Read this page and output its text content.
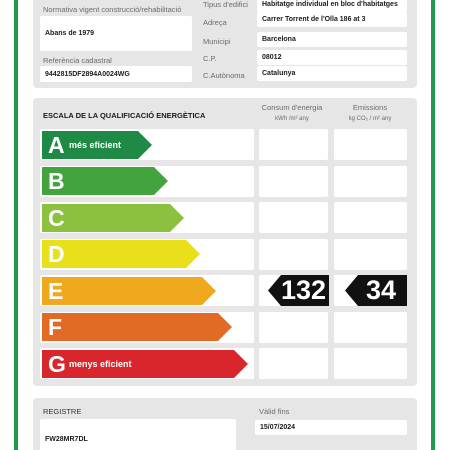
Normativa vigent construcció/rehabilitació
Abans de 1979
Referència cadastral
9442815DF2894A0024WG
Tipus d'edifici	Habitatge individual en bloc d'habitatges
Adreça	Carrer Torrent de l'Olla 186 at 3
Municipi	Barcelona
C.P.	08012
C.Autònoma	Catalunya
ESCALA DE LA QUALIFICACIÓ ENERGÈTICA
Consum d'energia
kWh /m² any
Emissions
kg CO₂ / m² any
A més eficient
B
C
D
E	132	34
F
G menys eficient
REGISTRE
FW28MR7DL
Vàlid fins
15/07/2024
